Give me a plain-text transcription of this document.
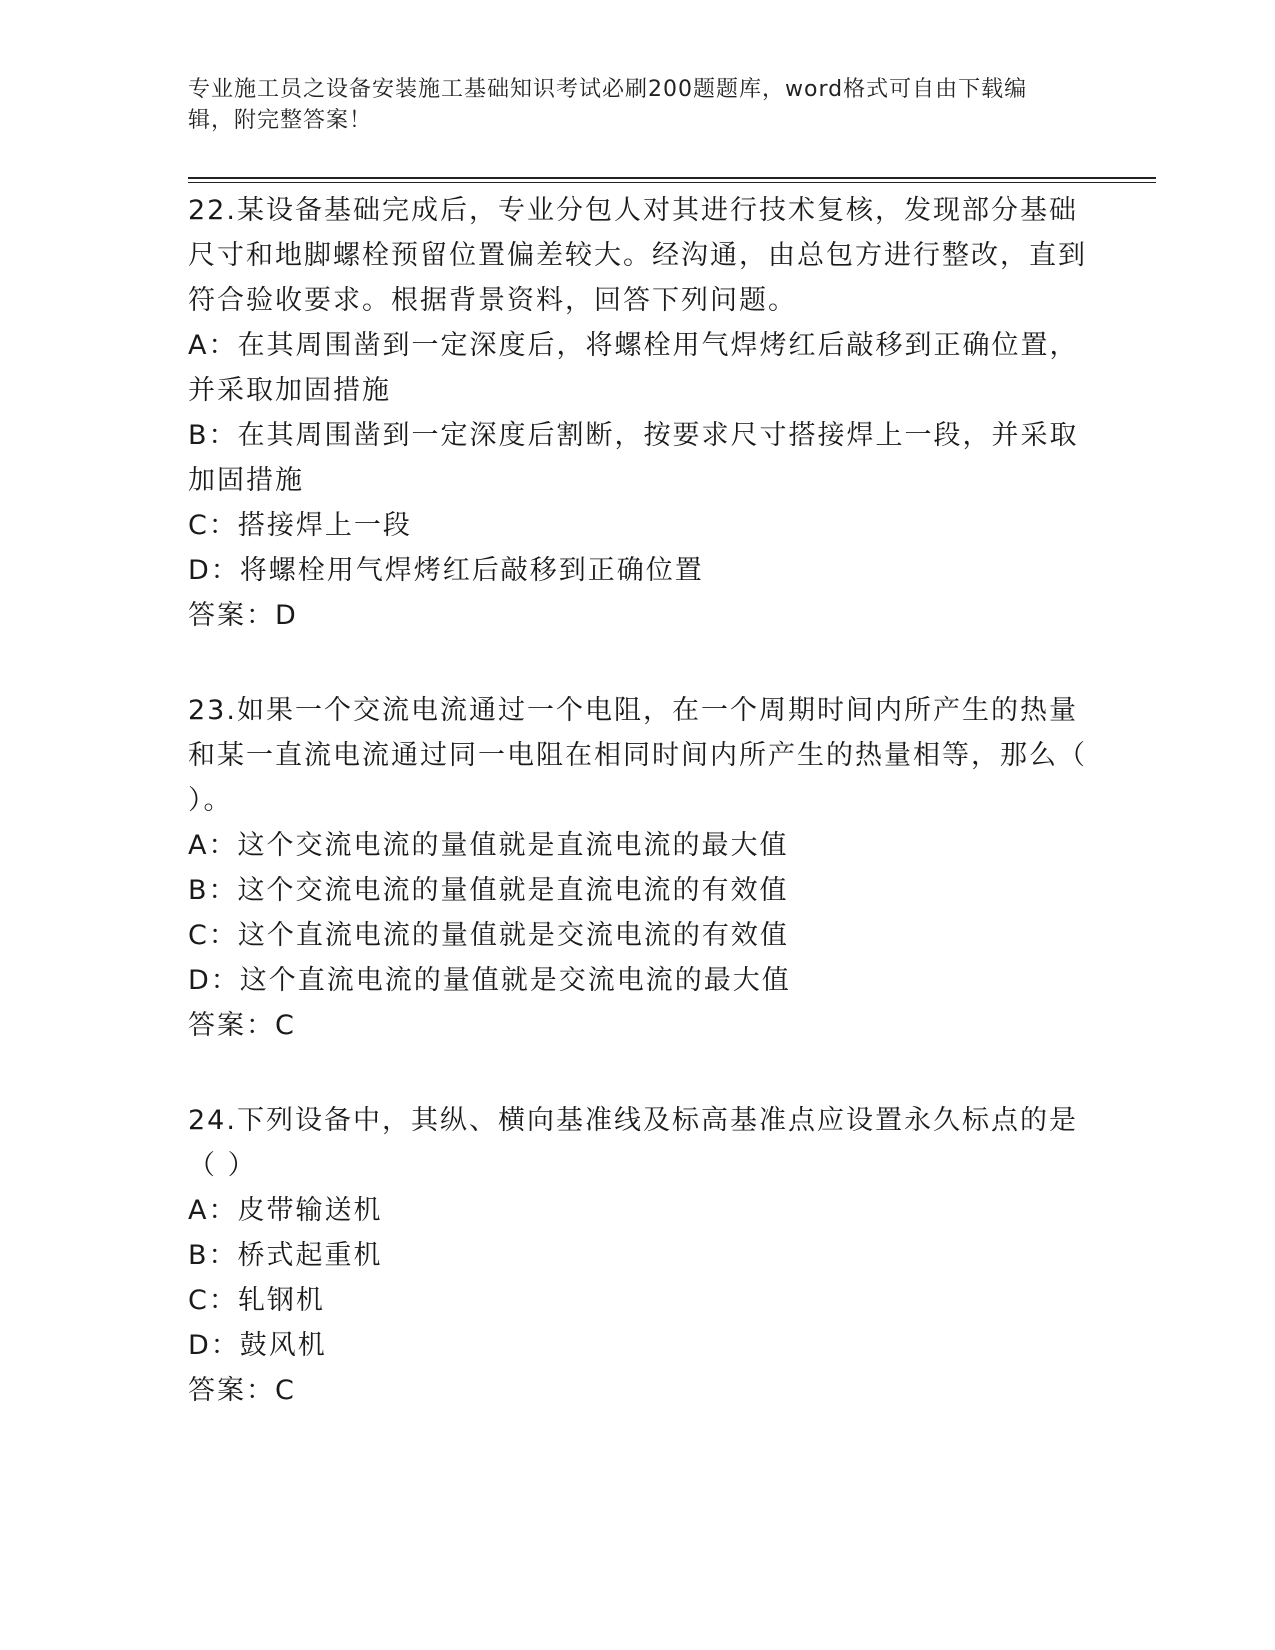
专业施工员之设备安装施工基础知识考试必刷200题题库，word格式可自由下载编辑，附完整答案！

22.某设备基础完成后，专业分包人对其进行技术复核，发现部分基础尺寸和地脚螺栓预留位置偏差较大。经沟通，由总包方进行整改，直到符合验收要求。根据背景资料，回答下列问题。

A：在其周围凿到一定深度后，将螺栓用气焊烤红后敲移到正确位置，并采取加固措施

B：在其周围凿到一定深度后割断，按要求尺寸搭接焊上一段，并采取加固措施

C：搭接焊上一段

D：将螺栓用气焊烤红后敲移到正确位置

答案：D

23.如果一个交流电流通过一个电阻，在一个周期时间内所产生的热量和某一直流电流通过同一电阻在相同时间内所产生的热量相等，那么（ ）。

A：这个交流电流的量值就是直流电流的最大值

B：这个交流电流的量值就是直流电流的有效值

C：这个直流电流的量值就是交流电流的有效值

D：这个直流电流的量值就是交流电流的最大值

答案：C

24.下列设备中，其纵、横向基准线及标高基准点应设置永久标点的是（ ）

A：皮带输送机

B：桥式起重机

C：轧钢机

D：鼓风机

答案：C
